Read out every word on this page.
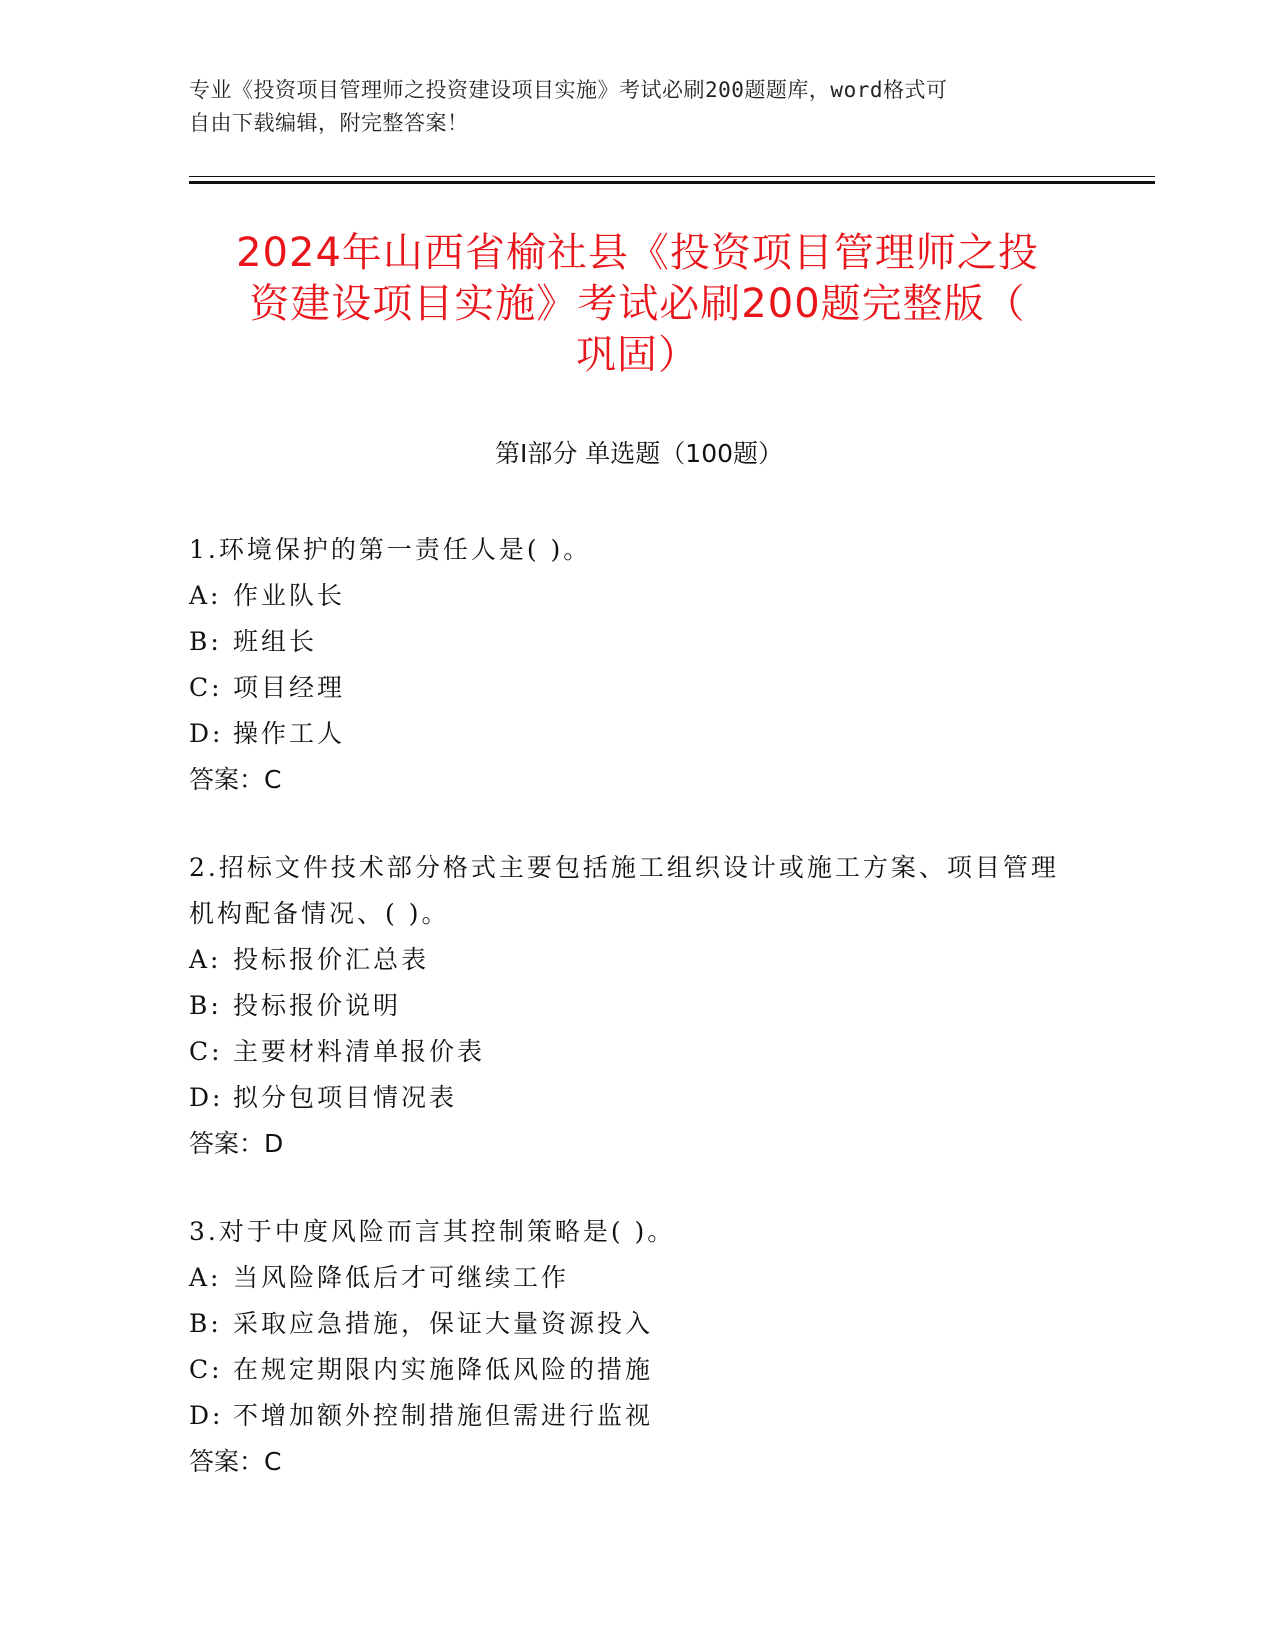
专业《投资项目管理师之投资建设项目实施》考试必刷200题题库，word格式可
自由下载编辑，附完整答案！
2024年山西省榆社县《投资项目管理师之投
资建设项目实施》考试必刷200题完整版（
巩固）
第Ⅰ部分 单选题（100题）

1.环境保护的第一责任人是( )。

A: 作业队长

B: 班组长

C: 项目经理

D: 操作工人

答案：C

2.招标文件技术部分格式主要包括施工组织设计或施工方案、项目管理机构配备情况、( )。

A: 投标报价汇总表

B: 投标报价说明

C: 主要材料清单报价表

D: 拟分包项目情况表

答案：D

3.对于中度风险而言其控制策略是( )。

A: 当风险降低后才可继续工作

B: 采取应急措施，保证大量资源投入

C: 在规定期限内实施降低风险的措施

D: 不增加额外控制措施但需进行监视

答案：C
